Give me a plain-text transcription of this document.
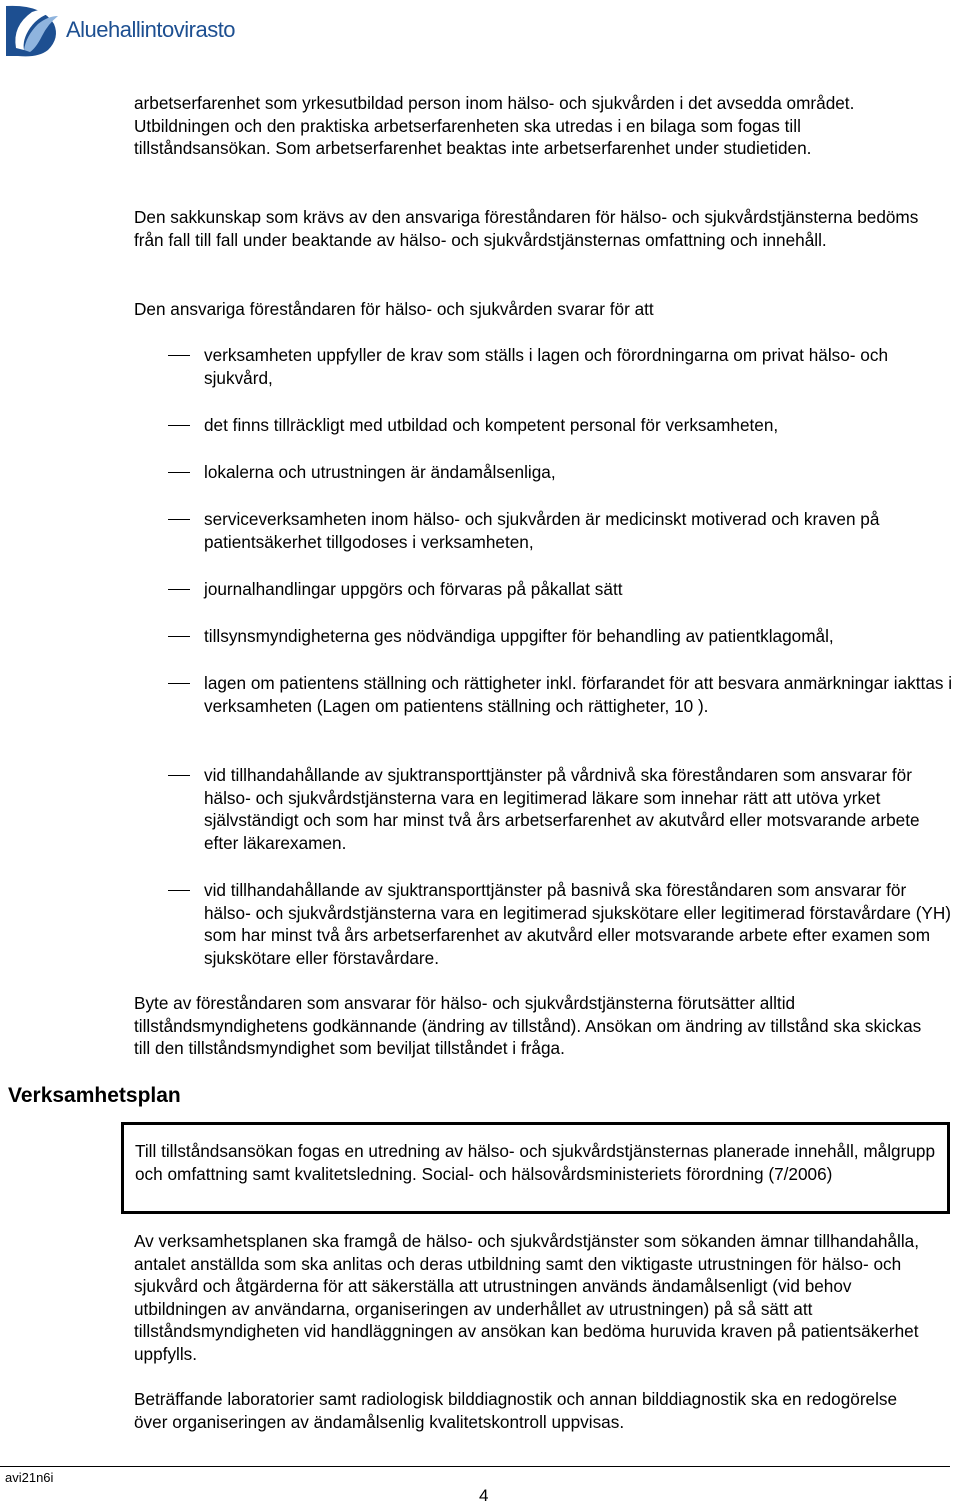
Aluehallintovirasto

arbetserfarenhet som yrkesutbildad person inom hälso- och sjukvården i det avsedda området. Utbildningen och den praktiska arbetserfarenheten ska utredas i en bilaga som fogas till tillståndsansökan. Som arbetserfarenhet beaktas inte arbetserfarenhet under studietiden.

Den sakkunskap som krävs av den ansvariga föreståndaren för hälso- och sjukvårdstjänsterna bedöms från fall till fall under beaktande av hälso- och sjukvårdstjänsternas omfattning och innehåll.

Den ansvariga föreståndaren för hälso- och sjukvården svarar för att

verksamheten uppfyller de krav som ställs i lagen och förordningarna om privat hälso- och sjukvård,
det finns tillräckligt med utbildad och kompetent personal för verksamheten,
lokalerna och utrustningen är ändamålsenliga,
serviceverksamheten inom hälso- och sjukvården är medicinskt motiverad och kraven på patientsäkerhet tillgodoses i verksamheten,
journalhandlingar uppgörs och förvaras på påkallat sätt
tillsynsmyndigheterna ges nödvändiga uppgifter för behandling av patientklagomål,
lagen om patientens ställning och rättigheter inkl. förfarandet för att besvara anmärkningar iakttas i verksamheten (Lagen om patientens ställning och rättigheter, 10 ).
vid tillhandahållande av sjuktransporttjänster på vårdnivå ska föreståndaren som ansvarar för hälso- och sjukvårdstjänsterna vara en legitimerad läkare som innehar rätt att utöva yrket självständigt och som har minst två års arbetserfarenhet av akutvård eller motsvarande arbete efter läkarexamen.
vid tillhandahållande av sjuktransporttjänster på basnivå ska föreståndaren som ansvarar för hälso- och sjukvårdstjänsterna vara en legitimerad sjukskötare eller legitimerad förstavårdare (YH) som har minst två års arbetserfarenhet av akutvård eller motsvarande arbete efter examen som sjukskötare eller förstavårdare.

Byte av föreståndaren som ansvarar för hälso- och sjukvårdstjänsterna förutsätter alltid tillståndsmyndighetens godkännande (ändring av tillstånd). Ansökan om ändring av tillstånd ska skickas till den tillståndsmyndighet som beviljat tillståndet i fråga.

Verksamhetsplan
Till tillståndsansökan fogas en utredning av hälso- och sjukvårdstjänsternas planerade innehåll, målgrupp och omfattning samt kvalitetsledning. Social- och hälsovårdsministeriets förordning (7/2006)

Av verksamhetsplanen ska framgå de hälso- och sjukvårdstjänster som sökanden ämnar tillhandahålla, antalet anställda som ska anlitas och deras utbildning samt den viktigaste utrustningen för hälso- och sjukvård och åtgärderna för att säkerställa att utrustningen används ändamålsenligt (vid behov utbildningen av användarna, organiseringen av underhållet av utrustningen) på så sätt att tillståndsmyndigheten vid handläggningen av ansökan kan bedöma huruvida kraven på patientsäkerhet uppfylls.

Beträffande laboratorier samt radiologisk bilddiagnostik och annan bilddiagnostik ska en redogörelse över organiseringen av ändamålsenlig kvalitetskontroll uppvisas.

avi21n6i
4
